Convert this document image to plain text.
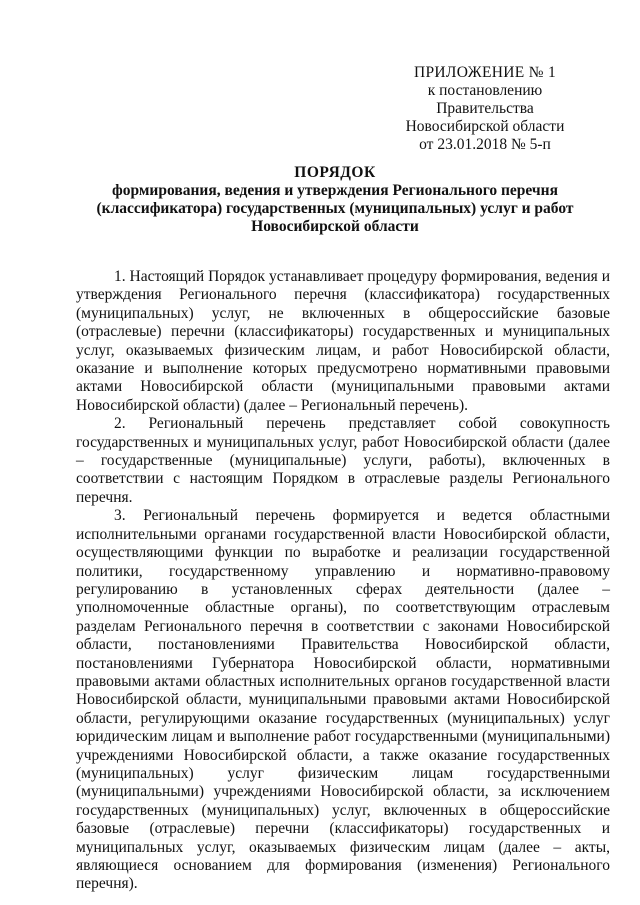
ПРИЛОЖЕНИЕ № 1
к постановлению Правительства
Новосибирской области
от 23.01.2018 № 5-п
ПОРЯДОК
формирования, ведения и утверждения Регионального перечня (классификатора) государственных (муниципальных) услуг и работ Новосибирской области

1. Настоящий Порядок устанавливает процедуру формирования, ведения и утверждения Регионального перечня (классификатора) государственных (муниципальных) услуг, не включенных в общероссийские базовые (отраслевые) перечни (классификаторы) государственных и муниципальных услуг, оказываемых физическим лицам, и работ Новосибирской области, оказание и выполнение которых предусмотрено нормативными правовыми актами Новосибирской области (муниципальными правовыми актами Новосибирской области) (далее – Региональный перечень).

2. Региональный перечень представляет собой совокупность государственных и муниципальных услуг, работ Новосибирской области (далее – государственные (муниципальные) услуги, работы), включенных в соответствии с настоящим Порядком в отраслевые разделы Регионального перечня.

3. Региональный перечень формируется и ведется областными исполнительными органами государственной власти Новосибирской области, осуществляющими функции по выработке и реализации государственной политики, государственному управлению и нормативно-правовому регулированию в установленных сферах деятельности (далее – уполномоченные областные органы), по соответствующим отраслевым разделам Регионального перечня в соответствии с законами Новосибирской области, постановлениями Правительства Новосибирской области, постановлениями Губернатора Новосибирской области, нормативными правовыми актами областных исполнительных органов государственной власти Новосибирской области, муниципальными правовыми актами Новосибирской области, регулирующими оказание государственных (муниципальных) услуг юридическим лицам и выполнение работ государственными (муниципальными) учреждениями Новосибирской области, а также оказание государственных (муниципальных) услуг физическим лицам государственными (муниципальными) учреждениями Новосибирской области, за исключением государственных (муниципальных) услуг, включенных в общероссийские базовые (отраслевые) перечни (классификаторы) государственных и муниципальных услуг, оказываемых физическим лицам (далее – акты, являющиеся основанием для формирования (изменения) Регионального перечня).
